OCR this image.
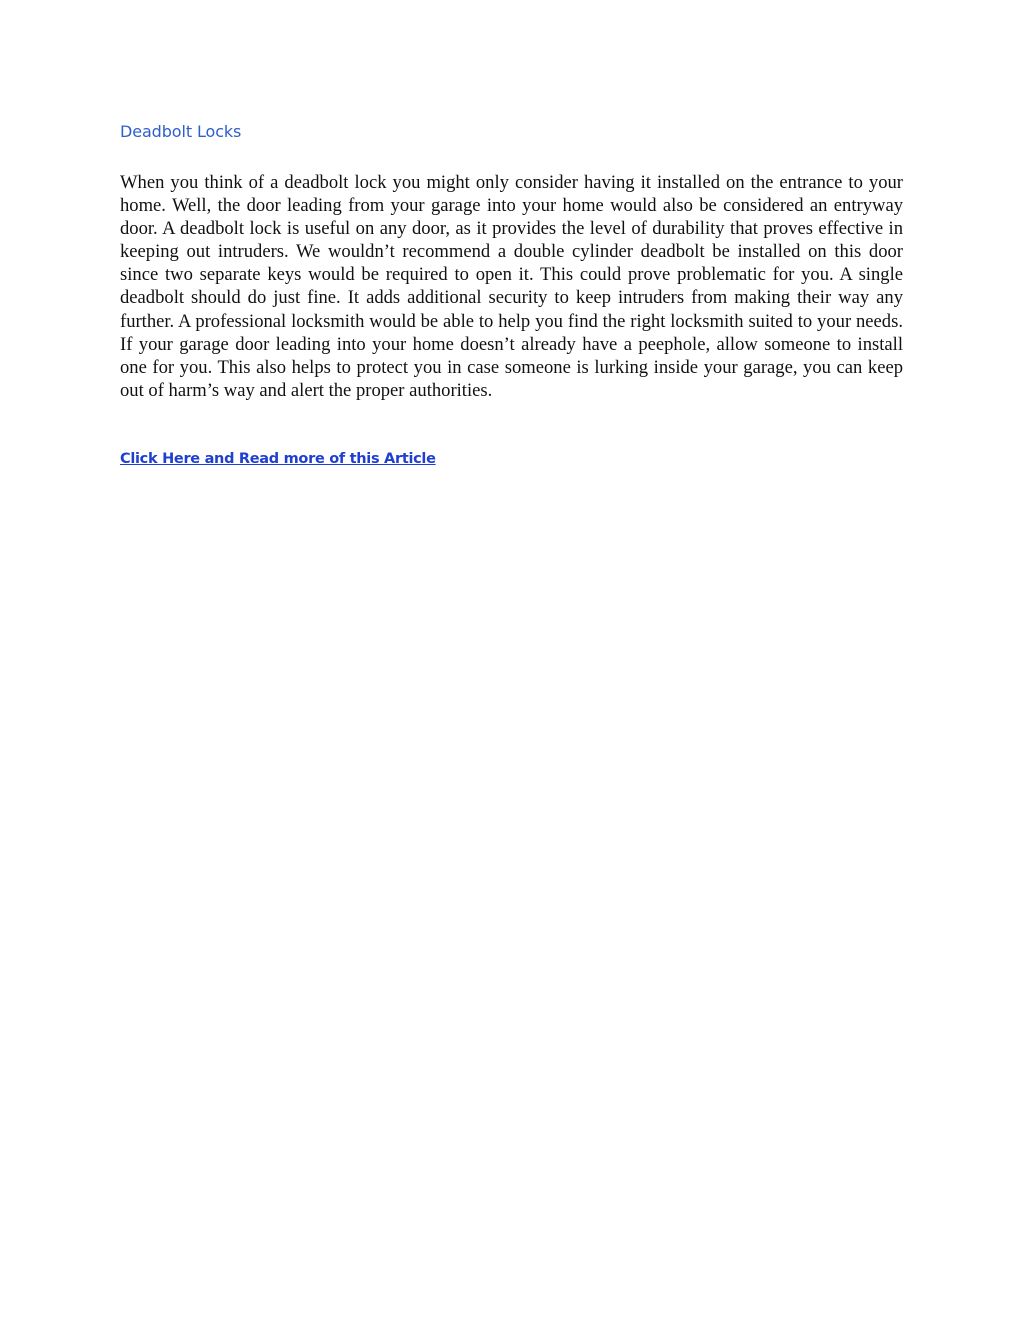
Deadbolt Locks

When you think of a deadbolt lock you might only consider having it installed on the entrance to your home. Well, the door leading from your garage into your home would also be considered an entryway door. A deadbolt lock is useful on any door, as it provides the level of durability that proves effective in keeping out intruders. We wouldn’t recommend a double cylinder deadbolt be installed on this door since two separate keys would be required to open it. This could prove problematic for you. A single deadbolt should do just fine. It adds additional security to keep intruders from making their way any further. A professional locksmith would be able to help you find the right locksmith suited to your needs. If your garage door leading into your home doesn’t already have a peephole, allow someone to install one for you. This also helps to protect you in case someone is lurking inside your garage, you can keep out of harm’s way and alert the proper authorities.

Click Here and Read more of this Article
